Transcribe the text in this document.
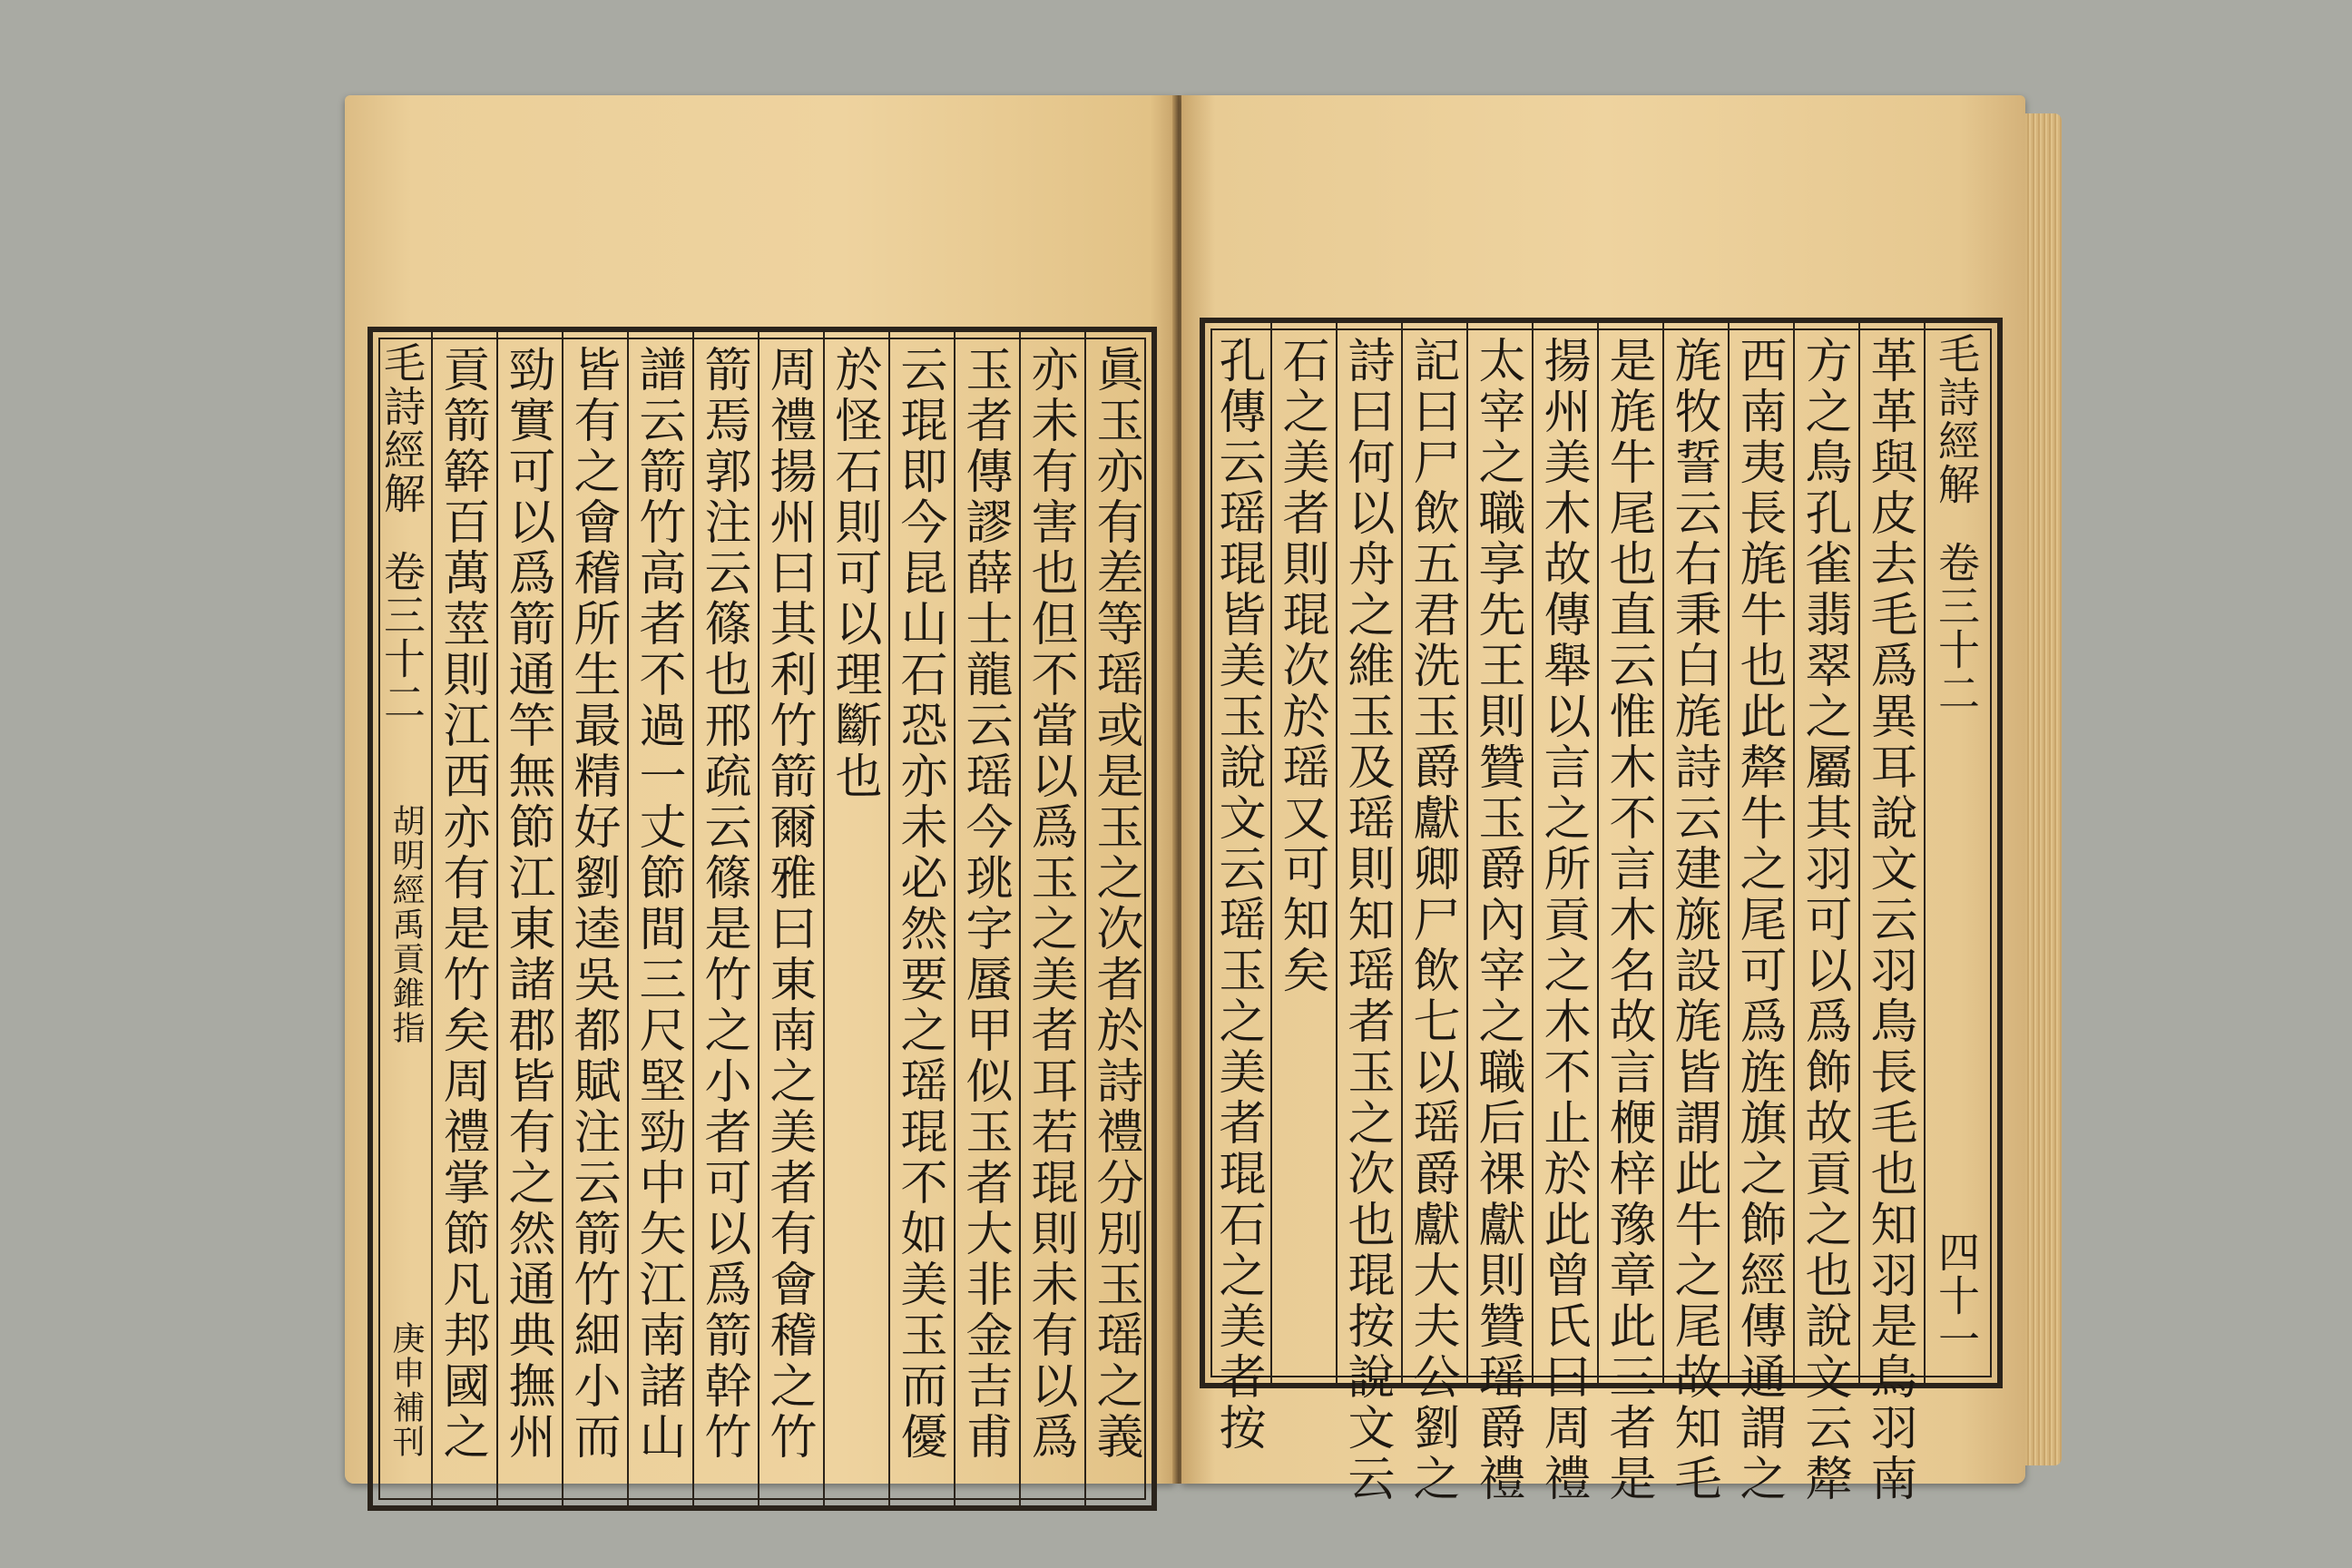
眞玉亦有差等瑶或是玉之次者於詩禮分別玉瑶之義
亦未有害也但不當以爲玉之美者耳若琨則未有以爲
玉者傳謬薛士龍云瑶今珧字蜃甲似玉者大非金吉甫
云琨即今昆山石恐亦未必然要之瑶琨不如美玉而優
於怪石則可以理斷也
周禮揚州曰其利竹箭爾雅曰東南之美者有會稽之竹
箭焉郭注云篠也邢疏云篠是竹之小者可以爲箭幹竹
譜云箭竹高者不過一丈節間三尺堅勁中矢江南諸山
皆有之會稽所生最精好劉逵吳都賦注云箭竹細小而
勁實可以爲箭通竿無節江東諸郡皆有之然通典撫州
貢箭簳百萬莖則江西亦有是竹矣周禮掌節凡邦國之
毛詩經解
卷三十二
胡明經禹貢錐指
庚申補刊	革革與皮去毛爲異耳說文云羽鳥長毛也知羽是鳥羽南
方之鳥孔雀翡翠之屬其羽可以爲飾故貢之也說文云犛
西南夷長旄牛也此犛牛之尾可爲旌旗之飾經傳通謂之
旄牧誓云右秉白旄詩云建旐設旄皆謂此牛之尾故知毛
是旄牛尾也直云惟木不言木名故言楩梓豫章此三者是
揚州美木故傳舉以言之所貢之木不止於此曾氏曰周禮
太宰之職享先王則贊玉爵內宰之職后祼獻則贊瑶爵禮
記曰尸飲五君洗玉爵獻卿尸飲七以瑶爵獻大夫公劉之
詩曰何以舟之維玉及瑶則知瑶者玉之次也琨按說文云
石之美者則琨次於瑶又可知矣
孔傳云瑶琨皆美玉說文云瑶玉之美者琨石之美者按	毛詩經解
卷三十二
四十一
